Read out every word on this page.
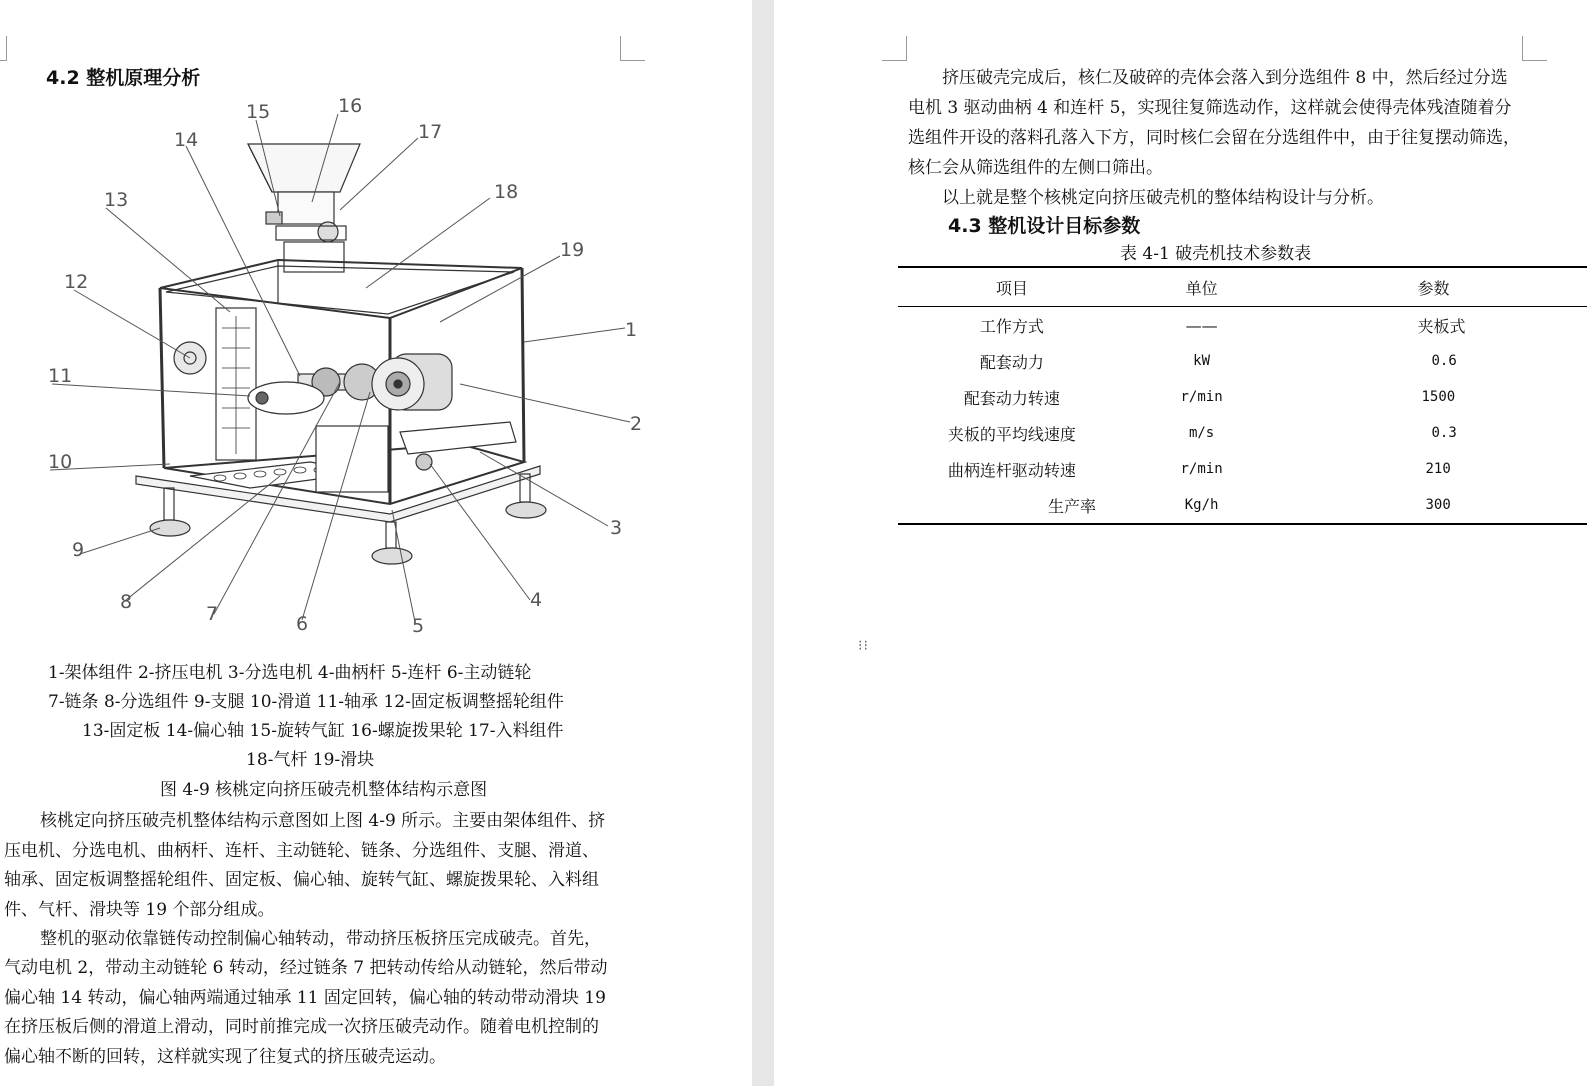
4.2 整机原理分析
1
2
3
4
5
6
7
8
9
10
11
12
13
14
15	16
17
18
19
1-架体组件 2-挤压电机 3-分选电机 4-曲柄杆 5-连杆 6-主动链轮
7-链条 8-分选组件 9-支腿 10-滑道 11-轴承 12-固定板调整摇轮组件
13-固定板 14-偏心轴 15-旋转气缸 16-螺旋拨果轮 17-入料组件
18-气杆 19-滑块
图 4-9 核桃定向挤压破壳机整体结构示意图
核桃定向挤压破壳机整体结构示意图如上图 4-9 所示。主要由架体组件、挤
压电机、分选电机、曲柄杆、连杆、主动链轮、链条、分选组件、支腿、滑道、
轴承、固定板调整摇轮组件、固定板、偏心轴、旋转气缸、螺旋拨果轮、入料组
件、气杆、滑块等 19 个部分组成。
整机的驱动依靠链传动控制偏心轴转动，带动挤压板挤压完成破壳。首先，
气动电机 2，带动主动链轮 6 转动，经过链条 7 把转动传给从动链轮，然后带动
偏心轴 14 转动，偏心轴两端通过轴承 11 固定回转，偏心轴的转动带动滑块 19
在挤压板后侧的滑道上滑动，同时前推完成一次挤压破壳动作。随着电机控制的
偏心轴不断的回转，这样就实现了往复式的挤压破壳运动。
挤压破壳完成后，核仁及破碎的壳体会落入到分选组件 8 中，然后经过分选
电机 3 驱动曲柄 4 和连杆 5，实现往复筛选动作，这样就会使得壳体残渣随着分
选组件开设的落料孔落入下方，同时核仁会留在分选组件中，由于往复摆动筛选，
核仁会从筛选组件的左侧口筛出。
以上就是整个核桃定向挤压破壳机的整体结构设计与分析。
4.3 整机设计目标参数
表 4-1 破壳机技术参数表
项目	单位	参数
工作方式	——	夹板式
配套动力	kW	0.6
配套动力转速	r/min	1500
夹板的平均线速度	m/s	0.3
曲柄连杆驱动转速	r/min	210
生产率	Kg/h	300
⁝⁝
